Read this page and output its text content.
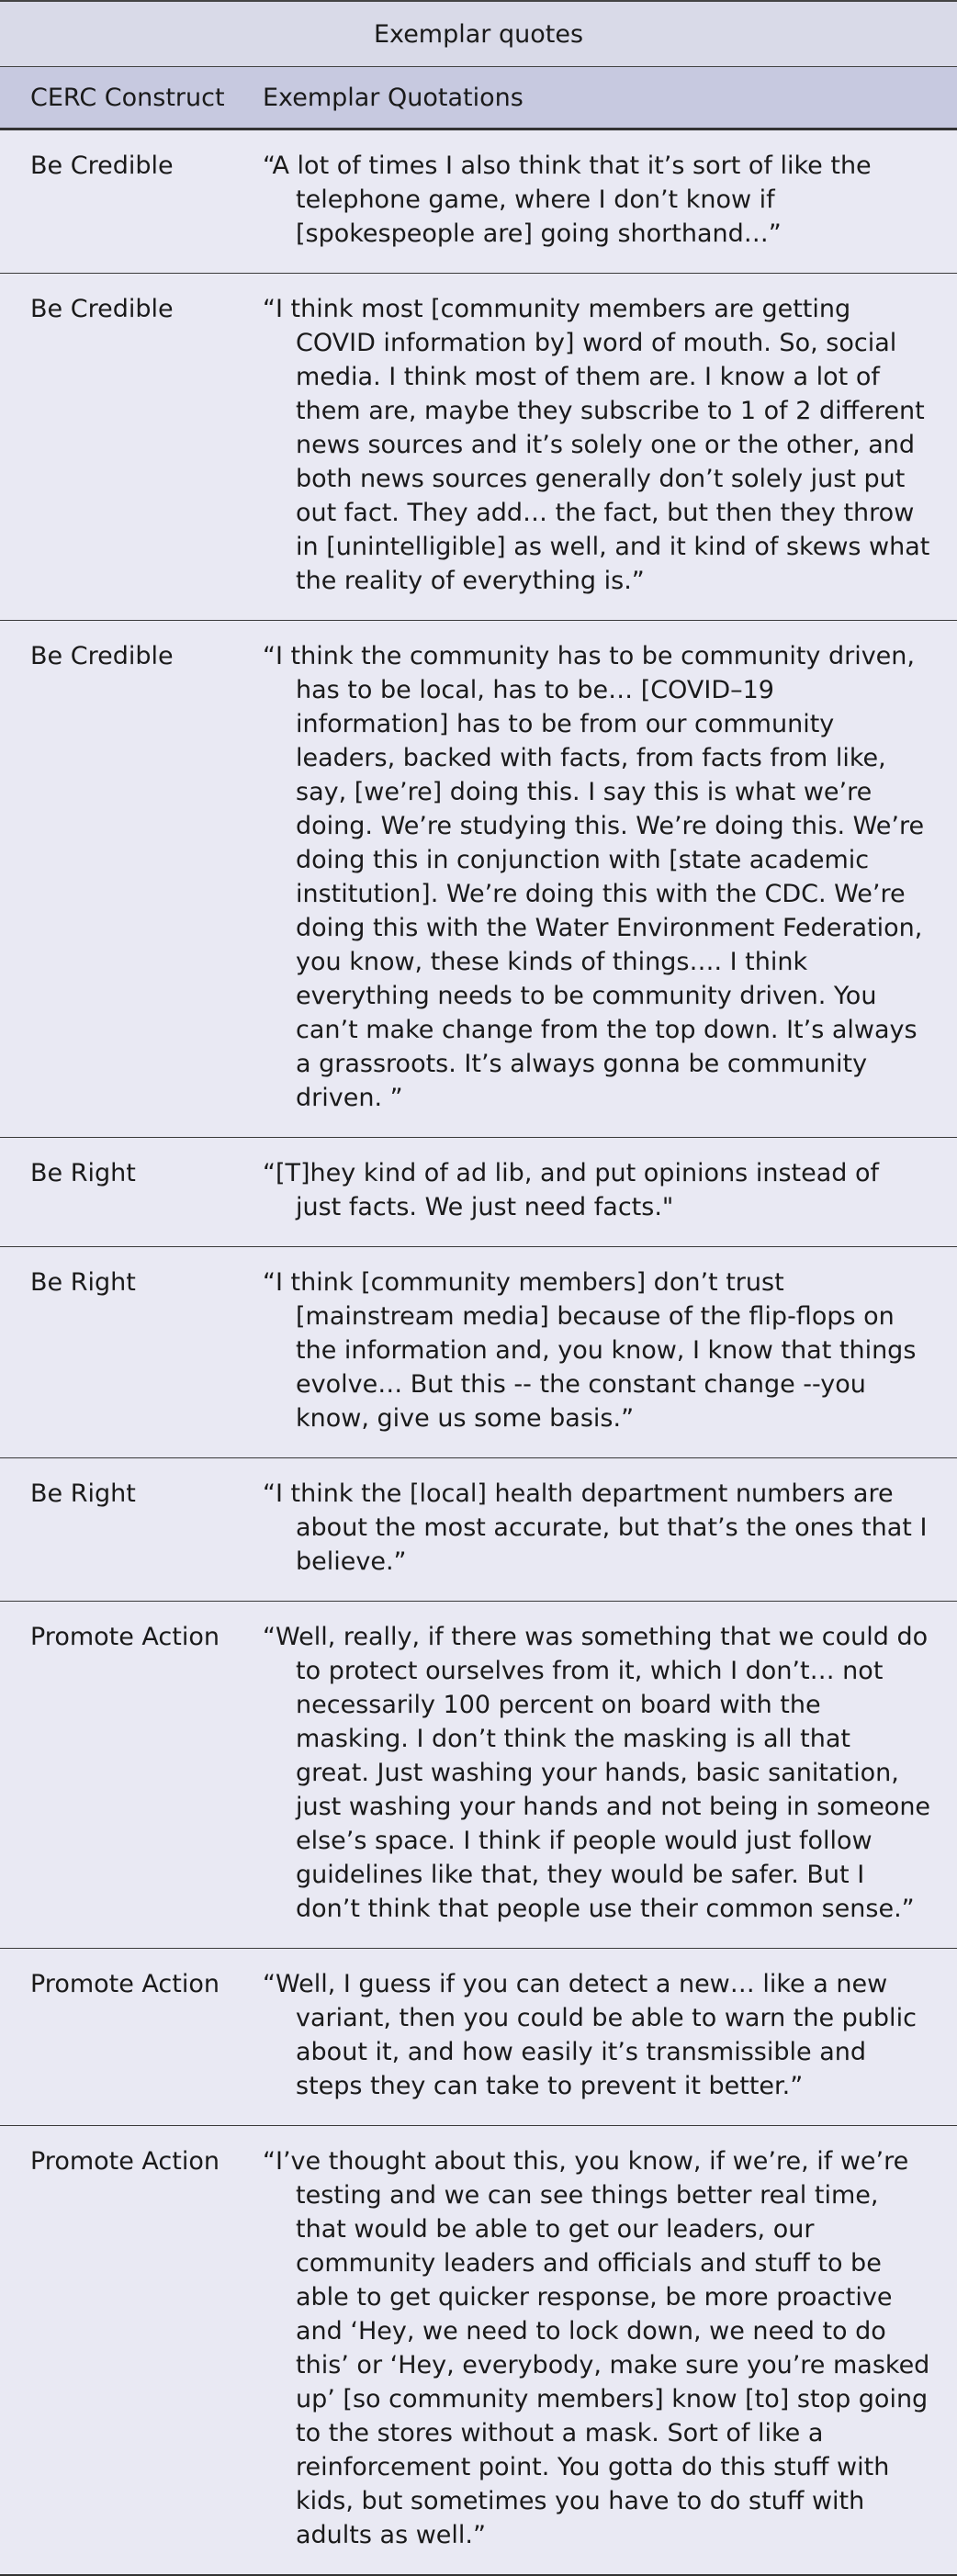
Exemplar quotes	
CERC Construct	Exemplar Quotations
Be Credible	“A lot of times I also think that it’s sort of like the telephone game, where I don’t know if [spokespeople are] going shorthand…”

Be Credible	“I think most [community members are getting COVID information by] word of mouth. So, social media. I think most of them are. I know a lot of them are, maybe they subscribe to 1 of 2 different news sources and it’s solely one or the other, and both news sources generally don’t solely just put out fact. They add… the fact, but then they throw in [unintelligible] as well, and it kind of skews what the reality of everything is.”

Be Credible	“I think the community has to be community driven, has to be local, has to be… [COVID–19 information] has to be from our community leaders, backed with facts, from facts from like, say, [we’re] doing this. I say this is what we’re doing. We’re studying this. We’re doing this. We’re doing this in conjunction with [state academic institution]. We’re doing this with the CDC. We’re doing this with the Water Environment Federation, you know, these kinds of things…. I think everything needs to be community driven. You can’t make change from the top down. It’s always a grassroots. It’s always gonna be community driven. ”

Be Right	“[T]hey kind of ad lib, and put opinions instead of just facts. We just need facts."

Be Right	“I think [community members] don’t trust [mainstream media] because of the flip-flops on the information and, you know, I know that things evolve… But this -- the constant change --you know, give us some basis.”

Be Right	“I think the [local] health department numbers are about the most accurate, but that’s the ones that I believe.”

Promote Action	“Well, really, if there was something that we could do to protect ourselves from it, which I don’t… not necessarily 100 percent on board with the masking. I don’t think the masking is all that great. Just washing your hands, basic sanitation, just washing your hands and not being in someone else’s space. I think if people would just follow guidelines like that, they would be safer. But I don’t think that people use their common sense.”

Promote Action	“Well, I guess if you can detect a new… like a new variant, then you could be able to warn the public about it, and how easily it’s transmissible and steps they can take to prevent it better.”

Promote Action	“I’ve thought about this, you know, if we’re, if we’re testing and we can see things better real time, that would be able to get our leaders, our community leaders and officials and stuff to be able to get quicker response, be more proactive and ‘Hey, we need to lock down, we need to do this’ or ‘Hey, everybody, make sure you’re masked up’ [so community members] know [to] stop going to the stores without a mask. Sort of like a reinforcement point. You gotta do this stuff with kids, but sometimes you have to do stuff with adults as well.”
